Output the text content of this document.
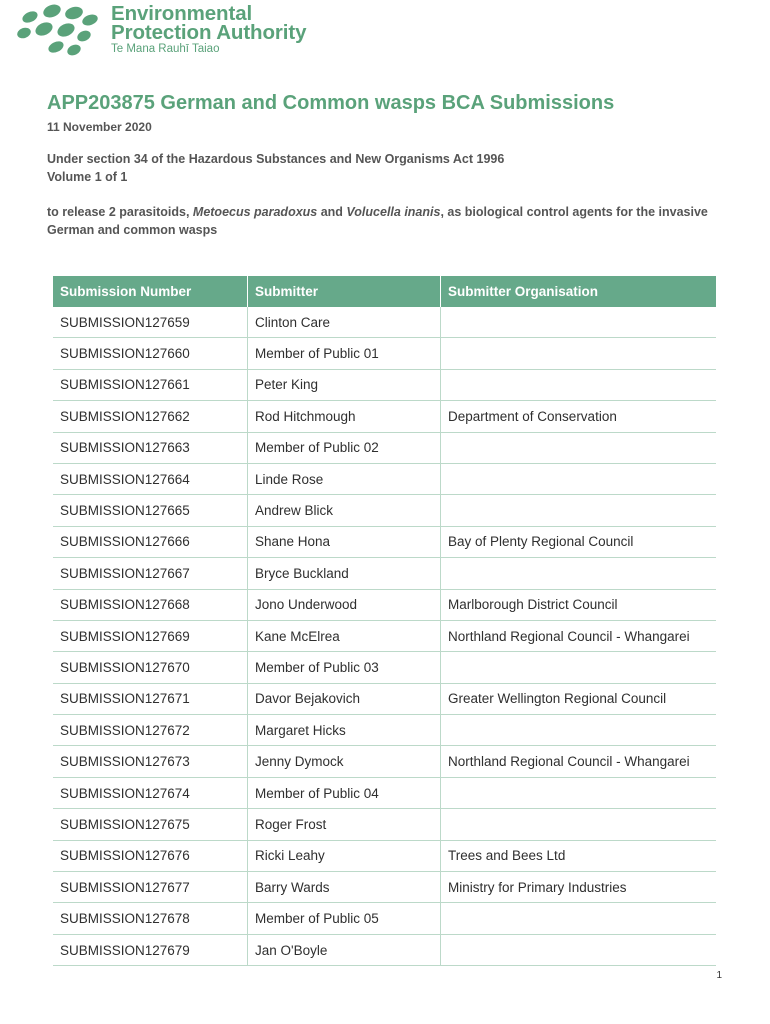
Environmental
Protection Authority
Te Mana Rauhī Taiao
APP203875 German and Common wasps BCA Submissions
11 November 2020
Under section 34 of the Hazardous Substances and New Organisms Act 1996
Volume 1 of 1
to release 2 parasitoids, Metoecus paradoxus and Volucella inanis, as biological control agents for the invasive German and common wasps
Submission Number	Submitter	Submitter Organisation
SUBMISSION127659	Clinton Care	
SUBMISSION127660	Member of Public 01	
SUBMISSION127661	Peter King	
SUBMISSION127662	Rod Hitchmough	Department of Conservation
SUBMISSION127663	Member of Public 02	
SUBMISSION127664	Linde Rose	
SUBMISSION127665	Andrew Blick	
SUBMISSION127666	Shane Hona	Bay of Plenty Regional Council
SUBMISSION127667	Bryce Buckland	
SUBMISSION127668	Jono Underwood	Marlborough District Council
SUBMISSION127669	Kane McElrea	Northland Regional Council - Whangarei
SUBMISSION127670	Member of Public 03	
SUBMISSION127671	Davor Bejakovich	Greater Wellington Regional Council
SUBMISSION127672	Margaret Hicks	
SUBMISSION127673	Jenny Dymock	Northland Regional Council - Whangarei
SUBMISSION127674	Member of Public 04	
SUBMISSION127675	Roger Frost	
SUBMISSION127676	Ricki Leahy	Trees and Bees Ltd
SUBMISSION127677	Barry Wards	Ministry for Primary Industries
SUBMISSION127678	Member of Public 05	
SUBMISSION127679	Jan O'Boyle	
1
